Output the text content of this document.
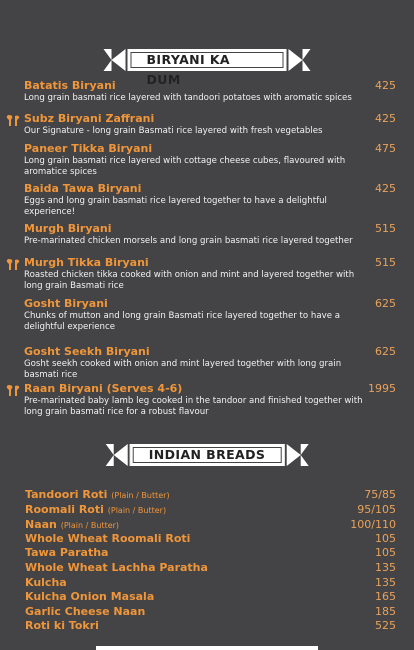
BIRYANI KA DUM
Batatis Biryani	425
Long grain basmati rice layered with tandoori potatoes with aromatic spices
Subz Biryani Zaffrani	425
Our Signature - long grain Basmati rice layered with fresh vegetables
Paneer Tikka Biryani	475
Long grain basmati rice layered with cottage cheese cubes, flavoured with aromatice spices
Baida Tawa Biryani	425
Eggs and long grain basmati rice layered together to have a delightful experience!
Murgh Biryani	515
Pre-marinated chicken morsels and long grain basmati rice layered together
Murgh Tikka Biryani	515
Roasted chicken tikka cooked with onion and mint and layered together with long grain Basmati rice
Gosht Biryani	625
Chunks of mutton and long grain Basmati rice layered together to have a delightful experience
Gosht Seekh Biryani	625
Gosht seekh cooked with onion and mint layered together with long grain basmati rice
Raan Biryani (Serves 4-6)	1995
Pre-marinated baby lamb leg cooked in the tandoor and finished together with long grain basmati rice for a robust flavour
INDIAN BREADS
Tandoori Roti (Plain / Butter)	75/85
Roomali Roti (Plain / Butter)	95/105
Naan (Plain / Butter)	100/110
Whole Wheat Roomali Roti	105
Tawa Paratha	105
Whole Wheat Lachha Paratha	135
Kulcha	135
Kulcha Onion Masala	165
Garlic Cheese Naan	185
Roti ki Tokri	525
